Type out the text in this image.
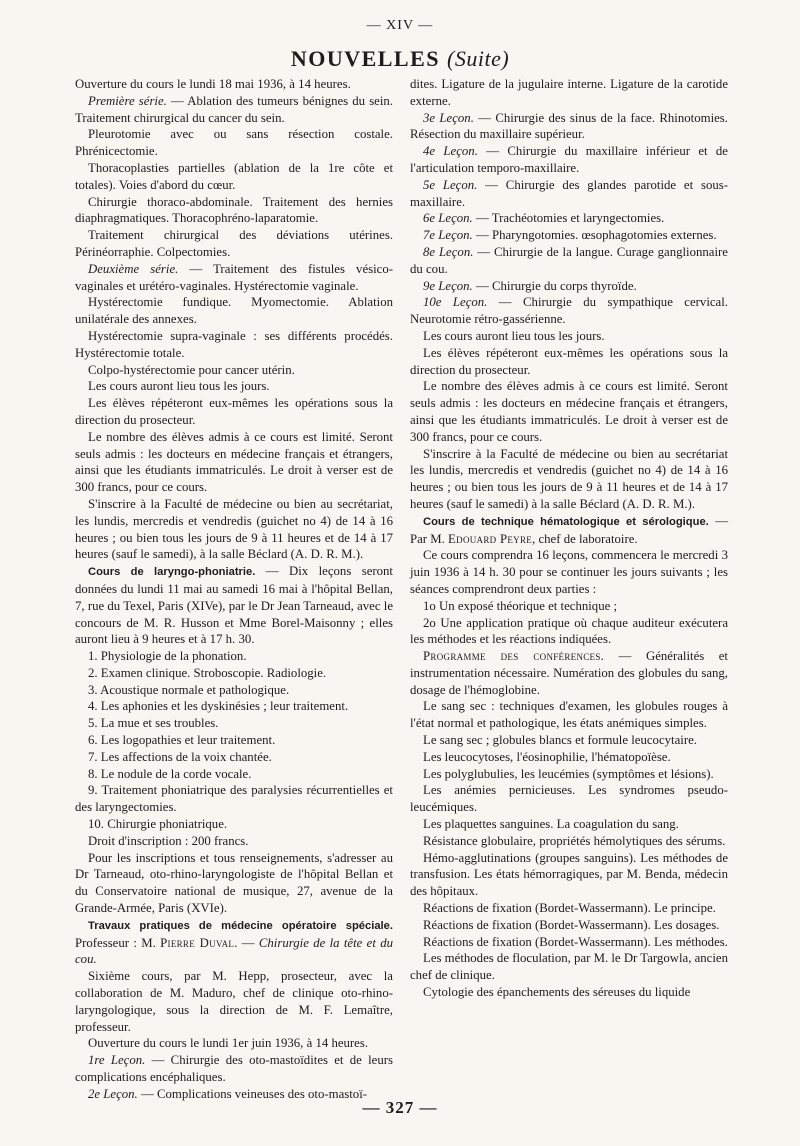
— XIV —
NOUVELLES (Suite)

Ouverture du cours le lundi 18 mai 1936, à 14 heures.

Première série. — Ablation des tumeurs bénignes du sein. Traitement chirurgical du cancer du sein.

Pleurotomie avec ou sans résection costale. Phrénicectomie.

Thoracoplasties partielles (ablation de la 1re côte et totales). Voies d'abord du cœur.

Chirurgie thoraco-abdominale. Traitement des hernies diaphragmatiques. Thoracophréno-laparatomie.

Traitement chirurgical des déviations utérines. Périnéorraphie. Colpectomies.

Deuxième série. — Traitement des fistules vésico-vaginales et urétéro-vaginales. Hystérectomie vaginale.

Hystérectomie fundique. Myomectomie. Ablation unilatérale des annexes.

Hystérectomie supra-vaginale : ses différents procédés. Hystérectomie totale.

Colpo-hystérectomie pour cancer utérin.

Les cours auront lieu tous les jours.

Les élèves répéteront eux-mêmes les opérations sous la direction du prosecteur.

Le nombre des élèves admis à ce cours est limité. Seront seuls admis : les docteurs en médecine français et étrangers, ainsi que les étudiants immatriculés. Le droit à verser est de 300 francs, pour ce cours.

S'inscrire à la Faculté de médecine ou bien au secrétariat, les lundis, mercredis et vendredis (guichet no 4) de 14 à 16 heures ; ou bien tous les jours de 9 à 11 heures et de 14 à 17 heures (sauf le samedi), à la salle Béclard (A. D. R. M.).

Cours de laryngo-phoniatrie. — Dix leçons seront données du lundi 11 mai au samedi 16 mai à l'hôpital Bellan, 7, rue du Texel, Paris (XIVe), par le Dr Jean Tarneaud, avec le concours de M. R. Husson et Mme Borel-Maisonny ; elles auront lieu à 9 heures et à 17 h. 30.

1. Physiologie de la phonation.

2. Examen clinique. Stroboscopie. Radiologie.

3. Acoustique normale et pathologique.

4. Les aphonies et les dyskinésies ; leur traitement.

5. La mue et ses troubles.

6. Les logopathies et leur traitement.

7. Les affections de la voix chantée.

8. Le nodule de la corde vocale.

9. Traitement phoniatrique des paralysies récurrentielles et des laryngectomies.

10. Chirurgie phoniatrique.

Droit d'inscription : 200 francs.

Pour les inscriptions et tous renseignements, s'adresser au Dr Tarneaud, oto-rhino-laryngologiste de l'hôpital Bellan et du Conservatoire national de musique, 27, avenue de la Grande-Armée, Paris (XVIe).

Travaux pratiques de médecine opératoire spéciale. Professeur : M. Pierre Duval. — Chirurgie de la tête et du cou.

Sixième cours, par M. Hepp, prosecteur, avec la collaboration de M. Maduro, chef de clinique oto-rhino-laryngologique, sous la direction de M. F. Lemaître, professeur.

Ouverture du cours le lundi 1er juin 1936, à 14 heures.

1re Leçon. — Chirurgie des oto-mastoïdites et de leurs complications encéphaliques.

2e Leçon. — Complications veineuses des oto-mastoï-

dites. Ligature de la jugulaire interne. Ligature de la carotide externe.

3e Leçon. — Chirurgie des sinus de la face. Rhinotomies. Résection du maxillaire supérieur.

4e Leçon. — Chirurgie du maxillaire inférieur et de l'articulation temporo-maxillaire.

5e Leçon. — Chirurgie des glandes parotide et sous-maxillaire.

6e Leçon. — Trachéotomies et laryngectomies.

7e Leçon. — Pharyngotomies. œsophagotomies externes.

8e Leçon. — Chirurgie de la langue. Curage ganglionnaire du cou.

9e Leçon. — Chirurgie du corps thyroïde.

10e Leçon. — Chirurgie du sympathique cervical. Neurotomie rétro-gassérienne.

Les cours auront lieu tous les jours.

Les élèves répéteront eux-mêmes les opérations sous la direction du prosecteur.

Le nombre des élèves admis à ce cours est limité. Seront seuls admis : les docteurs en médecine français et étrangers, ainsi que les étudiants immatriculés. Le droit à verser est de 300 francs, pour ce cours.

S'inscrire à la Faculté de médecine ou bien au secrétariat les lundis, mercredis et vendredis (guichet no 4) de 14 à 16 heures ; ou bien tous les jours de 9 à 11 heures et de 14 à 17 heures (sauf le samedi) à la salle Béclard (A. D. R. M.).

Cours de technique hématologique et sérologique. — Par M. Edouard Peyre, chef de laboratoire.

Ce cours comprendra 16 leçons, commencera le mercredi 3 juin 1936 à 14 h. 30 pour se continuer les jours suivants ; les séances comprendront deux parties :

1o Un exposé théorique et technique ;

2o Une application pratique où chaque auditeur exécutera les méthodes et les réactions indiquées.

Programme des conférences. — Généralités et instrumentation nécessaire. Numération des globules du sang, dosage de l'hémoglobine.

Le sang sec : techniques d'examen, les globules rouges à l'état normal et pathologique, les états anémiques simples.

Le sang sec ; globules blancs et formule leucocytaire.

Les leucocytoses, l'éosinophilie, l'hématopoïèse.

Les polyglubulies, les leucémies (symptômes et lésions).

Les anémies pernicieuses. Les syndromes pseudo-leucémiques.

Les plaquettes sanguines. La coagulation du sang.

Résistance globulaire, propriétés hémolytiques des sérums.

Hémo-agglutinations (groupes sanguins). Les méthodes de transfusion. Les états hémorragiques, par M. Benda, médecin des hôpitaux.

Réactions de fixation (Bordet-Wassermann). Le principe.

Réactions de fixation (Bordet-Wassermann). Les dosages.

Réactions de fixation (Bordet-Wassermann). Les méthodes.

Les méthodes de floculation, par M. le Dr Targowla, ancien chef de clinique.

Cytologie des épanchements des séreuses du liquide

— 327 —
